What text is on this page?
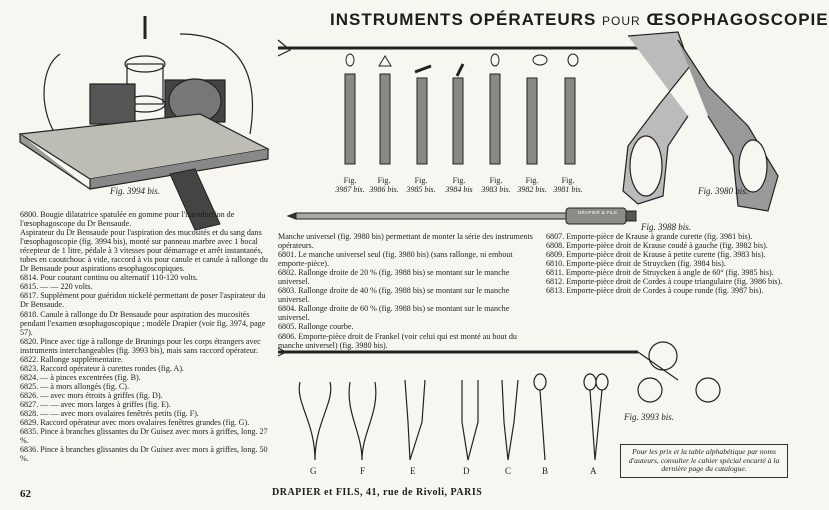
INSTRUMENTS OPÉRATEURS POUR ŒSOPHAGOSCOPIE
Fig. 3994 bis.
Fig.
3987 bis.
Fig.
3986 bis.
Fig.
3985 bis.
Fig.
3984 bis
Fig.
3983 bis.
Fig.
3982 bis.
Fig.
3981 bis.	Fig. 3980 bis.
DRAPIER & FILS
Fig. 3988 bis.
Fig. 3993 bis.
G	F	E	D	C	B	A

6800. Bougie dilatatrice spatulée en gomme pour l'introduction de l'œsophagoscope du Dr Bensaude.

Aspirateur du Dr Bensaude pour l'aspiration des mucosités et du sang dans l'œsophagoscopie (fig. 3994 bis), monté sur panneau marbre avec 1 bocal récepteur de 1 litre, pédale à 3 vitesses pour démarrage et arrêt instantanés, tubes en caoutchouc à vide, raccord à vis pour canule et canule à rallonge du Dr Bensaude pour aspirations œsophagoscopiques.

6814. Pour courant continu ou alternatif 110-120 volts.

6815. — — 220 volts.

6817. Supplément pour guéridon nickelé permettant de poser l'aspirateur du Dr Bensaude.

6818. Canule à rallonge du Dr Bensaude pour aspiration des mucosités pendant l'examen œsophagoscopique ; modèle Drapier (voir fig. 3974, page 57).

6820. Pince avec tige à rallonge de Brunings pour les corps étrangers avec instruments interchangeables (fig. 3993 bis), mais sans raccord opérateur.

6822. Rallonge supplémentaire.

6823. Raccord opérateur à curettes rondes (fig. A).

6824. — à pinces excentrées (fig. B).

6825. — à mors allongés (fig. C).

6826. — avec mors étroits à griffes (fig. D).

6827. — — avec mors larges à griffes (fig. E).

6828. — — avec mors ovalaires fenêtrés petits (fig. F).

6829. Raccord opérateur avec mors ovalaires fenêtres grandes (fig. G).

6835. Pince à branches glissantes du Dr Guisez avec mors à griffes, long. 27 %.

6836. Pince à branches glissantes du Dr Guisez avec mors à griffes, long. 50 %.

Manche universel (fig. 3980 bis) permettant de monter la série des instruments opérateurs.

6801. Le manche universel seul (fig. 3980 bis) (sans rallonge, ni embout emporte-pièce).

6802. Rallonge droite de 20 % (fig. 3988 bis) se montant sur le manche universel.

6803. Rallonge droite de 40 % (fig. 3988 bis) se montant sur le manche universel.

6804. Rallonge droite de 60 % (fig. 3988 bis) se montant sur le manche universel.

6805. Rallonge courbe.

6806. Emporte-pièce droit de Frankel (voir celui qui est monté au bout du manche universel) (fig. 3980 bis).

6807. Emporte-pièce de Krause à grande curette (fig. 3981 bis).

6808. Emporte-pièce droit de Krause coudé à gauche (fig. 3982 bis).

6809. Emporte-pièce droit de Krause à petite curette (fig. 3983 bis).

6810. Emporte-pièce droit de Struycken (fig. 3984 bis).

6811. Emporte-pièce droit de Struycken à angle de 60° (fig. 3985 bis).

6812. Emporte-pièce droit de Cordes à coupe triangulaire (fig. 3986 bis).

6813. Emporte-pièce droit de Cordes à coupe ronde (fig. 3987 bis).

Pour les prix et la table alphabétique par noms d'auteurs, consulter le cahier spécial encarté à la dernière page du catalogue.
62	DRAPIER et FILS, 41, rue de Rivoli, PARIS
